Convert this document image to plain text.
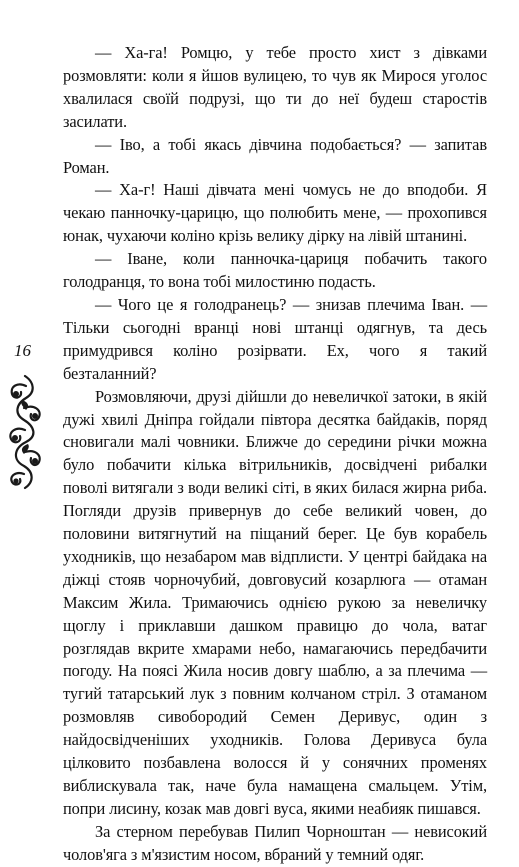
16

— Ха-га! Ромцю, у тебе просто хист з дівками розмовляти: коли я йшов вулицею, то чув як Мирося уголос хвалилася своїй подрузі, що ти до неї будеш старостів засилати.

— Іво, а тобі якась дівчина подобається? — запитав Роман.

— Ха-г! Наші дівчата мені чомусь не до вподоби. Я чекаю панночку-царицю, що полюбить мене, — прохопився юнак, чухаючи коліно крізь велику дірку на лівій штанині.

— Іване, коли панночка-цариця побачить такого голодранця, то вона тобі милостиню подасть.

— Чого це я голодранець? — знизав плечима Іван. — Тільки сьогодні вранці нові штанці одягнув, та десь примудрився коліно розірвати. Ех, чого я такий безталанний?

Розмовляючи, друзі дійшли до невеличкої затоки, в якій дужі хвилі Дніпра гойдали півтора десятка байдаків, поряд сновигали малі човники. Ближче до середини річки можна було побачити кілька вітрильників, досвідчені рибалки поволі витягали з води великі сіті, в яких билася жирна риба. Погляди друзів привернув до себе великий човен, до половини витягнутий на піщаний берег. Це був корабель уходників, що незабаром мав відплисти. У центрі байдака на діжці стояв чорночубий, довговусий козарлюга — отаман Максим Жила. Тримаючись однією рукою за невеличку щоглу і приклавши дашком правицю до чола, ватаг розглядав вкрите хмарами небо, намагаючись передбачити погоду. На поясі Жила носив довгу шаблю, а за плечима — тугий татарський лук з повним колчаном стріл. З отаманом розмовляв сивобородий Семен Деривус, один з найдосвідченіших уходників. Голова Деривуса була цілковито позбавлена волосся й у сонячних променях виблискувала так, наче була намащена смальцем. Утім, попри лисину, козак мав довгі вуса, якими неабияк пишався.

За стерном перебував Пилип Чорноштан — невисокий чолов'яга з м'язистим носом, вбраний у темний одяг.
